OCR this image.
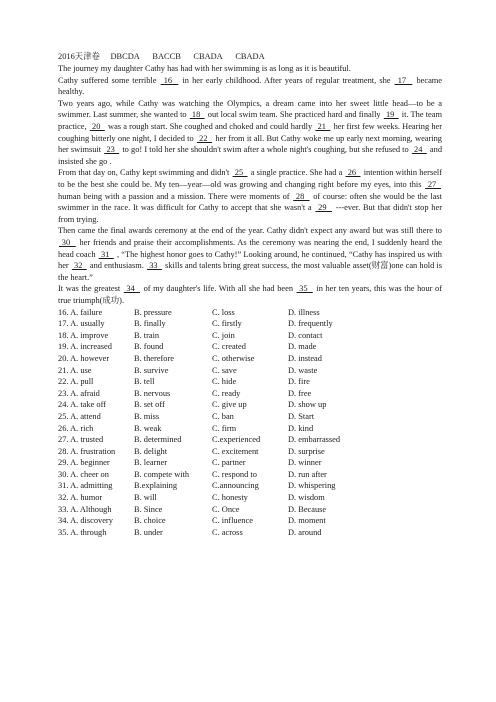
2016天津卷 DBCDA BACCB CBADA CBADA
The journey my daughter Cathy has had with her swimming is as long as it is beautiful.
Cathy suffered some terrible  16   in her early childhood. After years of regular treatment, she  17   became healthy.
Two years ago, while Cathy was watching the Olympics, a dream came into her sweet little head—to be a swimmer. Last summer, she wanted to  18   out local swim team. She practiced hard and finally  19   it. The team practice,  20   was a rough start. She coughed and choked and could hardly  21   her first few weeks. Hearing her coughing bitterly one night, I decided to  22   her from it all. But Cathy woke me up early next morning, wearing her swimsuit  23   to go! I told her she shouldn't swim after a whole night's coughing, but she refused to  24   and insisted she go .
From that day on, Cathy kept swimming and didn't  25   a single practice. She had a  26   intention within herself to be the best she could be. My ten—year—old was growing and changing right before my eyes, into this  27   human being with a passion and a mission. There were moments of  28   of course: often she would be the last swimmer in the race. It was difficult for Cathy to accept that she wasn't a  29   ---ever. But that didn't stop her from trying.
Then came the final awards ceremony at the end of the year. Cathy didn't expect any award but was still there to  30   her friends and praise their accomplishments. As the ceremony was nearing the end, I suddenly heard the head coach  31   , “The highest honor goes to Cathy!” Looking around, he continued, “Cathy has inspired us with her  32   and enthusiasm.  33   skills and talents bring great success, the most valuable asset(财富)one can hold is the heart.”
It was the greatest  34   of my daughter's life. With all she had been  35   in her ten years, this was the hour of true triumph(成功).
16. A. failure	B. pressure	C. loss	D. illness
17. A. usually	B. finally	C. firstly	D. frequently
18. A. improve	B. train	C. join	D. contact
19. A. increased	B. found	C. created	D. made
20. A. however	B. therefore	C. otherwise	D. instead
21. A. use	B. survive	C. save	D. waste
22. A. pull	B. tell	C. hide	D. fire
23. A. afraid	B. nervous	C. ready	D. free
24. A. take off	B. set off	C. give up	D. show up
25. A. attend	B. miss	C. ban	D. Start
26. A. rich	B. weak	C. firm	D. kind
27. A. trusted	B. determined	C.experienced	D. embarrassed
28. A. frustration	B. delight	C. excitement	D. surprise
29. A. beginner	B. learner	C. partner	D. winner
30. A. cheer on	B. compete with	C. respond to	D. run after
31. A. admitting	B.explaining	C.announcing	D. whispering
32. A. humor	B. will	C. honesty	D. wisdom
33. A. Although	B. Since	C. Once	D. Because
34. A. discovery	B. choice	C. influence	D. moment
35. A. through	B. under	C. across	D. around
